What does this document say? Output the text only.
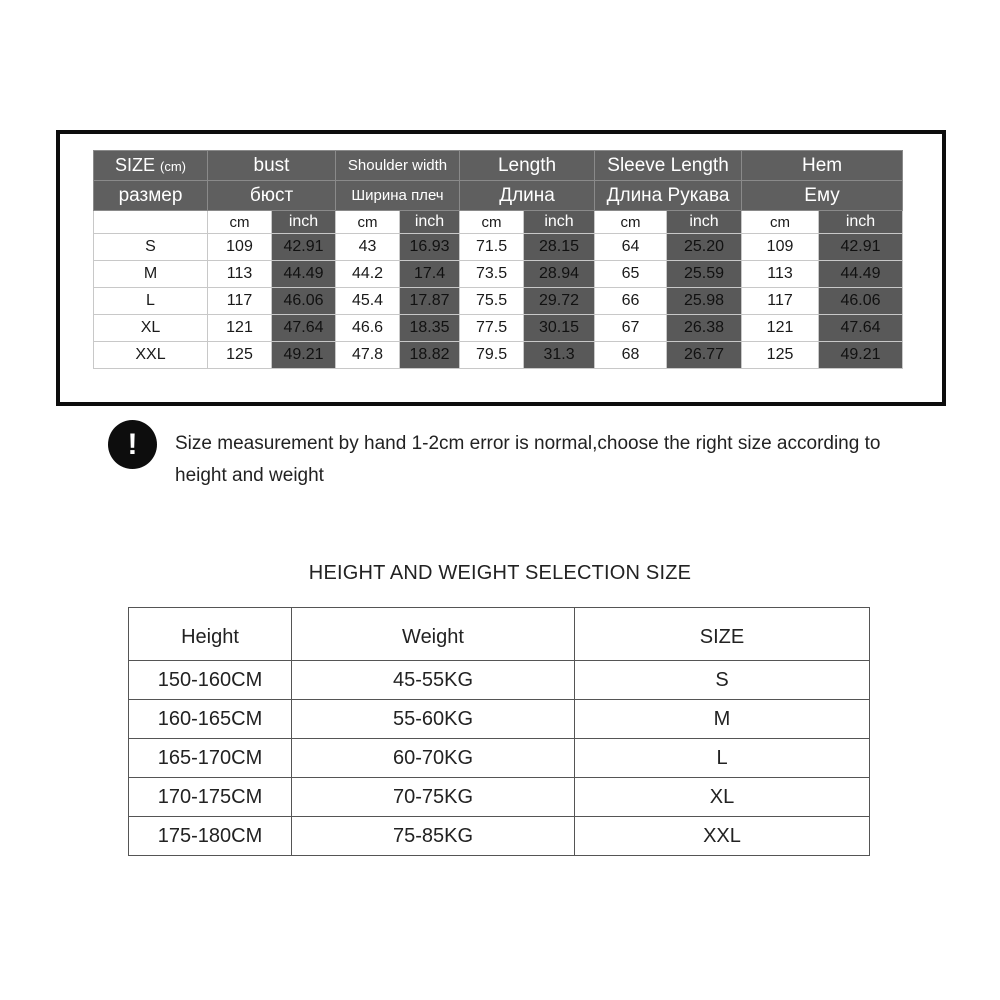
SIZE (cm)	bust		Shoulder width		Length		Sleeve Length		Hem	
размер	бюст		Ширина плеч		Длина		Длина Рукава		Ему	
	cm	inch	cm	inch	cm	inch	cm	inch	cm	inch
S	109	42.91	43	16.93	71.5	28.15	64	25.20	109	42.91
M	113	44.49	44.2	17.4	73.5	28.94	65	25.59	113	44.49
L	117	46.06	45.4	17.87	75.5	29.72	66	25.98	117	46.06
XL	121	47.64	46.6	18.35	77.5	30.15	67	26.38	121	47.64
XXL	125	49.21	47.8	18.82	79.5	31.3	68	26.77	125	49.21
!	Size measurement by hand 1-2cm error is normal,choose the right size according to height and weight
HEIGHT AND WEIGHT SELECTION SIZE
Height	Weight	SIZE
150-160CM	45-55KG	S
160-165CM	55-60KG	M
165-170CM	60-70KG	L
170-175CM	70-75KG	XL
175-180CM	75-85KG	XXL
